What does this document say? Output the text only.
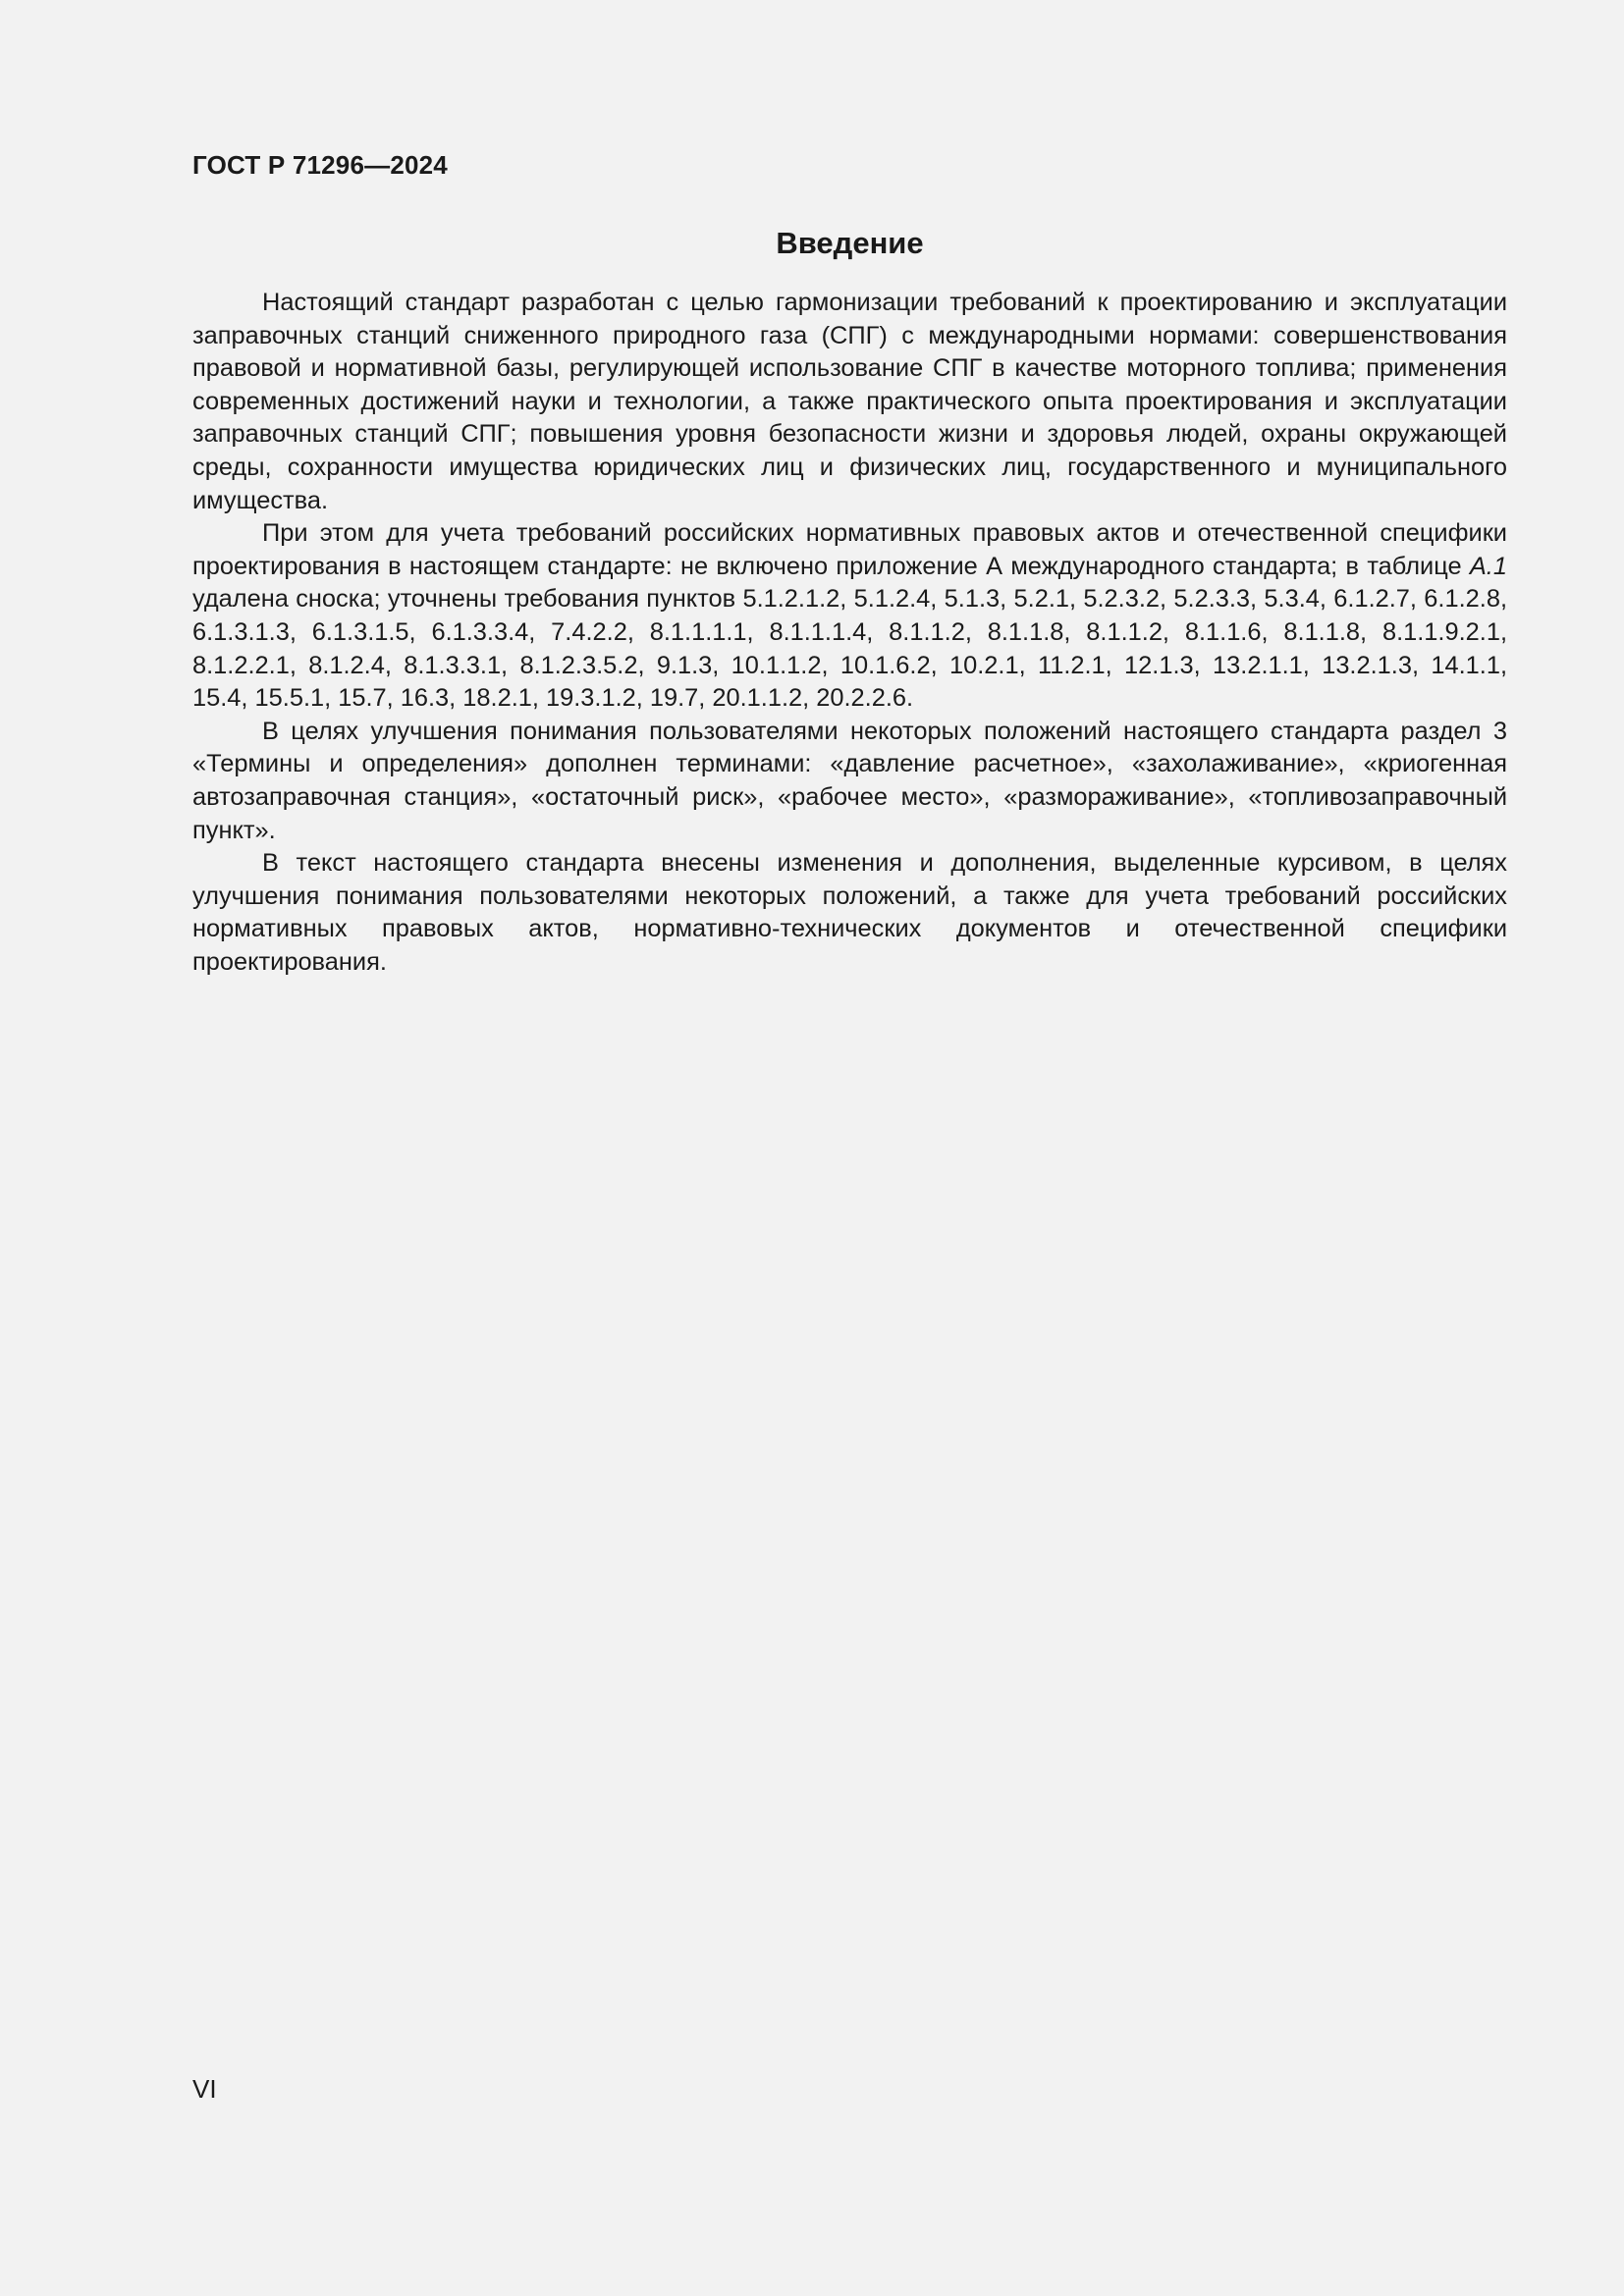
ГОСТ Р 71296—2024
Введение

Настоящий стандарт разработан с целью гармонизации требований к проектированию и эксплуатации заправочных станций сниженного природного газа (СПГ) с международными нормами: совершенствования правовой и нормативной базы, регулирующей использование СПГ в качестве моторного топлива; применения современных достижений науки и технологии, а также практического опыта проектирования и эксплуатации заправочных станций СПГ; повышения уровня безопасности жизни и здоровья людей, охраны окружающей среды, сохранности имущества юридических лиц и физических лиц, государственного и муниципального имущества.

При этом для учета требований российских нормативных правовых актов и отечественной специфики проектирования в настоящем стандарте: не включено приложение А международного стандарта; в таблице А.1 удалена сноска; уточнены требования пунктов 5.1.2.1.2, 5.1.2.4, 5.1.3, 5.2.1, 5.2.3.2, 5.2.3.3, 5.3.4, 6.1.2.7, 6.1.2.8, 6.1.3.1.3, 6.1.3.1.5, 6.1.3.3.4, 7.4.2.2, 8.1.1.1.1, 8.1.1.1.4, 8.1.1.2, 8.1.1.8, 8.1.1.2, 8.1.1.6, 8.1.1.8, 8.1.1.9.2.1, 8.1.2.2.1, 8.1.2.4, 8.1.3.3.1, 8.1.2.3.5.2, 9.1.3, 10.1.1.2, 10.1.6.2, 10.2.1, 11.2.1, 12.1.3, 13.2.1.1, 13.2.1.3, 14.1.1, 15.4, 15.5.1, 15.7, 16.3, 18.2.1, 19.3.1.2, 19.7, 20.1.1.2, 20.2.2.6.

В целях улучшения понимания пользователями некоторых положений настоящего стандарта раздел 3 «Термины и определения» дополнен терминами: «давление расчетное», «захолаживание», «криогенная автозаправочная станция», «остаточный риск», «рабочее место», «размораживание», «топливозаправочный пункт».

В текст настоящего стандарта внесены изменения и дополнения, выделенные курсивом, в целях улучшения понимания пользователями некоторых положений, а также для учета требований российских нормативных правовых актов, нормативно-технических документов и отечественной специфики проектирования.

VI
